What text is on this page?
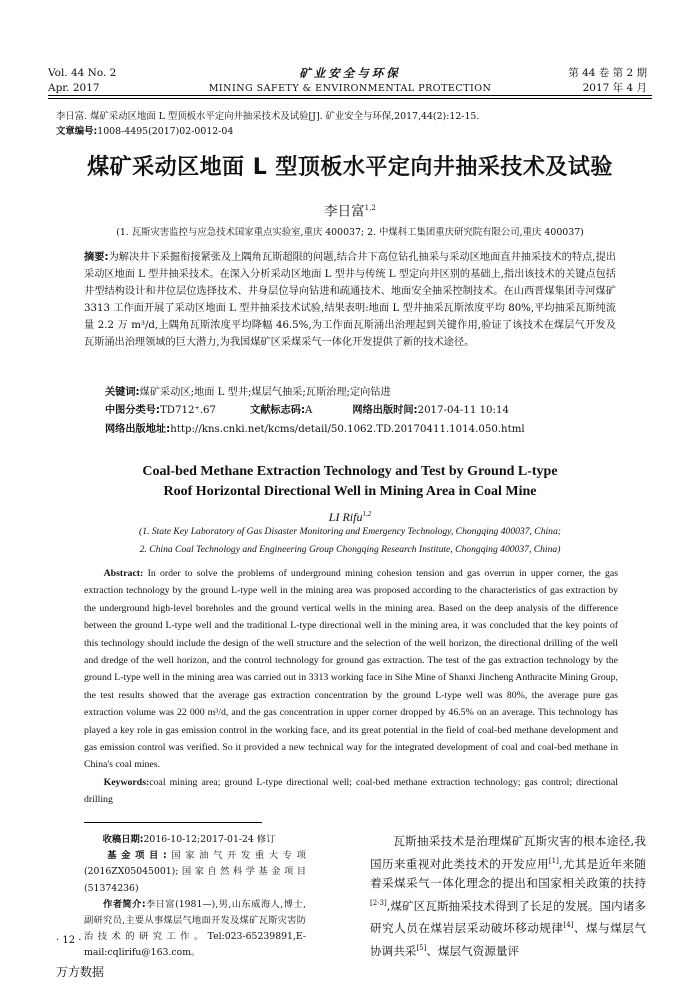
Vol. 44 No. 2
Apr. 2017
矿业安全与环保
MINING SAFETY & ENVIRONMENTAL PROTECTION
第 44 卷 第 2 期
2017 年 4 月
李日富. 煤矿采动区地面 L 型顶板水平定向井抽采技术及试验[J]. 矿业安全与环保,2017,44(2):12-15.
文章编号:1008-4495(2017)02-0012-04
煤矿采动区地面 L 型顶板水平定向井抽采技术及试验
李日富$^{1,2}$
(1. 瓦斯灾害监控与应急技术国家重点实验室,重庆 400037; 2. 中煤科工集团重庆研究院有限公司,重庆 400037)
摘要:为解决井下采掘衔接紧张及上隅角瓦斯超限的问题,结合井下高位钻孔抽采与采动区地面直井抽采技术的特点,提出采动区地面 L 型井抽采技术。在深入分析采动区地面 L 型井与传统 L 型定向井区别的基础上,指出该技术的关键点包括井型结构设计和井位层位选择技术、井身层位导向钻进和疏通技术、地面安全抽采控制技术。在山西晋煤集团寺河煤矿 3313 工作面开展了采动区地面 L 型井抽采技术试验,结果表明:地面 L 型井抽采瓦斯浓度平均 80%,平均抽采瓦斯纯流量 2.2 万 m³/d,上隅角瓦斯浓度平均降幅 46.5%,为工作面瓦斯涌出治理起到关键作用,验证了该技术在煤层气开发及瓦斯涌出治理领域的巨大潜力,为我国煤矿区采煤采气一体化开发提供了新的技术途径。
关键词:煤矿采动区;地面 L 型井;煤层气抽采;瓦斯治理;定向钻进
中图分类号:TD712⁺.67	文献标志码:A	网络出版时间:2017-04-11 10:14
网络出版地址:http://kns.cnki.net/kcms/detail/50.1062.TD.20170411.1014.050.html
Coal-bed Methane Extraction Technology and Test by Ground L-type
Roof Horizontal Directional Well in Mining Area in Coal Mine
LI Rifu$^{1,2}$
(1. State Key Laboratory of Gas Disaster Monitoring and Emergency Technology, Chongqing 400037, China;
2. China Coal Technology and Engineering Group Chongqing Research Institute, Chongqing 400037, China)
Abstract: In order to solve the problems of underground mining cohesion tension and gas overrun in upper corner, the gas extraction technology by the ground L-type well in the mining area was proposed according to the characteristics of gas extraction by the underground high-level boreholes and the ground vertical wells in the mining area. Based on the deep analysis of the difference between the ground L-type well and the traditional L-type directional well in the mining area, it was concluded that the key points of this technology should include the design of the well structure and the selection of the well horizon, the directional drilling of the well and dredge of the well horizon, and the control technology for ground gas extraction. The test of the gas extraction technology by the ground L-type well in the mining area was carried out in 3313 working face in Sihe Mine of Shanxi Jincheng Anthracite Mining Group, the test results showed that the average gas extraction concentration by the ground L-type well was 80%, the average pure gas extraction volume was 22 000 m³/d, and the gas concentration in upper corner dropped by 46.5% on an average. This technology has played a key role in gas emission control in the working face, and its great potential in the field of coal-bed methane development and gas emission control was verified. So it provided a new technical way for the integrated development of coal and coal-bed methane in China's coal mines.
Keywords:coal mining area; ground L-type directional well; coal-bed methane extraction technology; gas control; directional drilling
收稿日期:2016-10-12;2017-01-24 修订
基金项目:国家油气开发重大专项(2016ZX05045001);国家自然科学基金项目(51374236)
作者简介:李日富(1981—),男,山东威海人,博士,副研究员,主要从事煤层气地面开发及煤矿瓦斯灾害防治技术的研究工作。Tel:023-65239891,E-mail:cqlirifu@163.com。
瓦斯抽采技术是治理煤矿瓦斯灾害的根本途径,我国历来重视对此类技术的开发应用[1],尤其是近年来随着采煤采气一体化理念的提出和国家相关政策的扶持[2-3],煤矿区瓦斯抽采技术得到了长足的发展。国内诸多研究人员在煤岩层采动破坏移动规律[4]、煤与煤层气协调共采[5]、煤层气资源量评
· 12 ·
万方数据
